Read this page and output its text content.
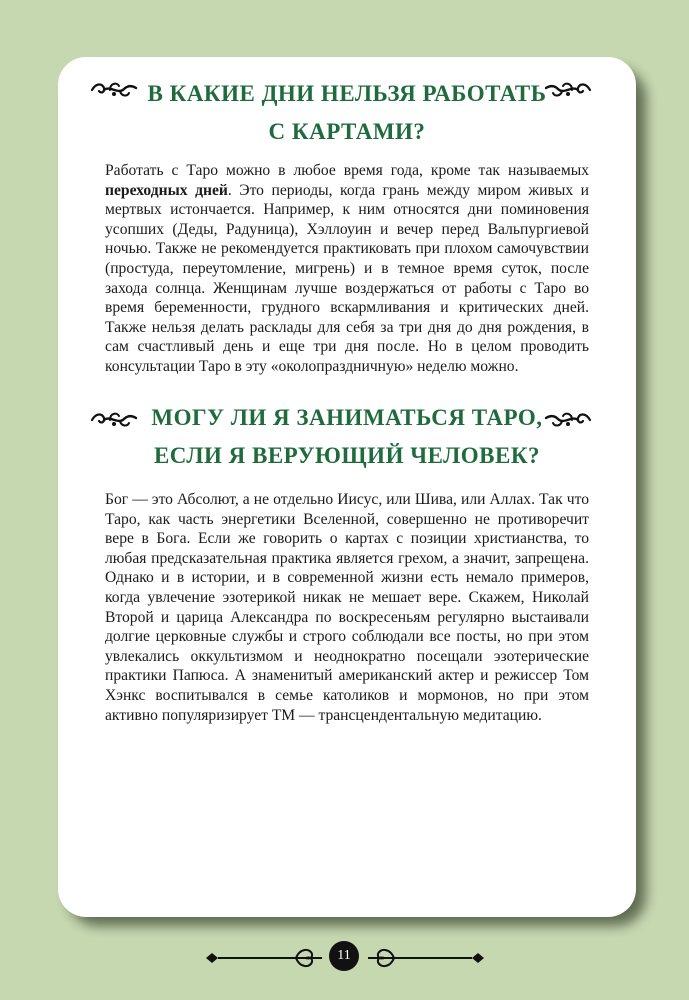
В КАКИЕ ДНИ НЕЛЬЗЯ РАБОТАТЬ
С КАРТАМИ?

Работать с Таро можно в любое время года, кроме так называемых переходных дней. Это периоды, когда грань между миром живых и мертвых истончается. Например, к ним относятся дни поминовения усопших (Деды, Радуница), Хэллоуин и вечер перед Вальпургиевой ночью. Также не рекомендуется практиковать при плохом самочувствии (простуда, переутомление, мигрень) и в темное время суток, после захода солнца. Женщинам лучше воздержаться от работы с Таро во время беременности, грудного вскармливания и критических дней. Также нельзя делать расклады для себя за три дня до дня рождения, в сам счастливый день и еще три дня после. Но в целом проводить консультации Таро в эту «околопраздничную» неделю можно.

МОГУ ЛИ Я ЗАНИМАТЬСЯ ТАРО,
ЕСЛИ Я ВЕРУЮЩИЙ ЧЕЛОВЕК?

Бог — это Абсолют, а не отдельно Иисус, или Шива, или Аллах. Так что Таро, как часть энергетики Вселенной, совершенно не противоречит вере в Бога. Если же говорить о картах с позиции христианства, то любая предсказательная практика является грехом, а значит, запрещена. Однако и в истории, и в современной жизни есть немало примеров, когда увлечение эзотерикой никак не мешает вере. Скажем, Николай Второй и царица Александра по воскресеньям регулярно выстаивали долгие церковные службы и строго соблюдали все посты, но при этом увлекались оккультизмом и неоднократно посещали эзотерические практики Папюса. А знаменитый американский актер и режиссер Том Хэнкс воспитывался в семье католиков и мормонов, но при этом активно популяризирует ТМ — трансцендентальную медитацию.

11
